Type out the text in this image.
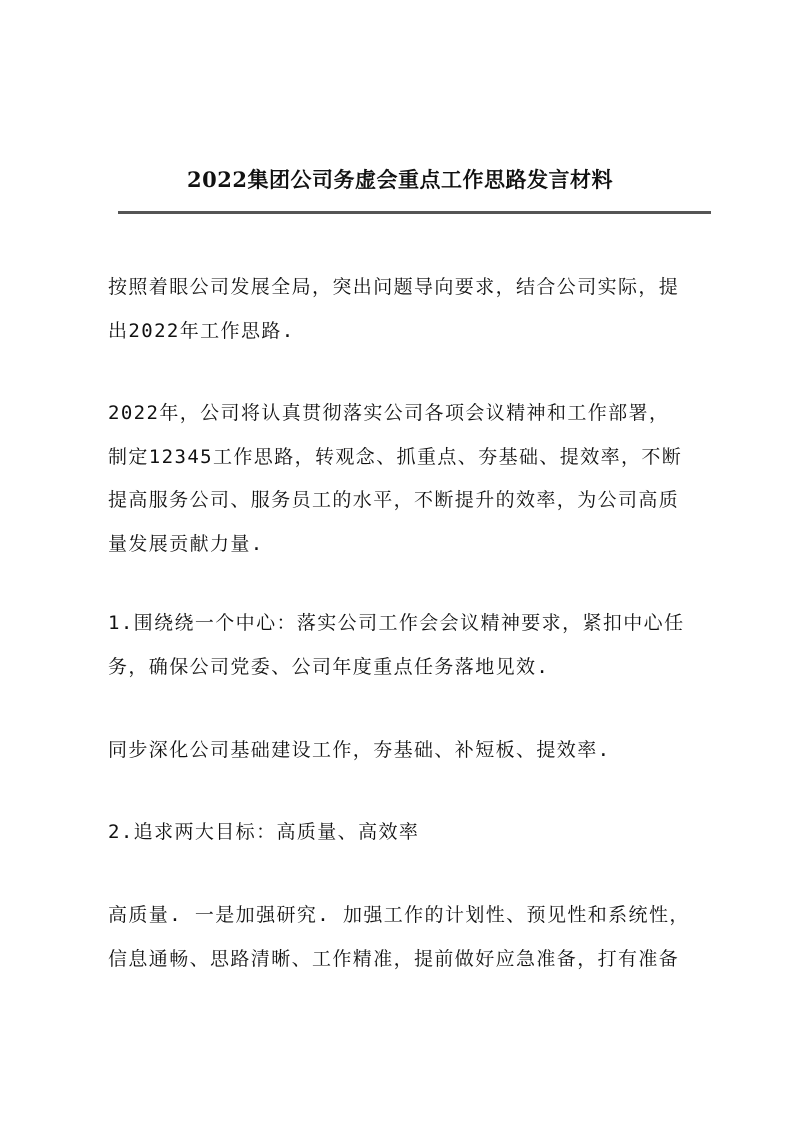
2022集团公司务虚会重点工作思路发言材料
按照着眼公司发展全局，突出问题导向要求，结合公司实际，提
出2022年工作思路.
2022年，公司将认真贯彻落实公司各项会议精神和工作部署，
制定12345工作思路，转观念、抓重点、夯基础、提效率，不断
提高服务公司、服务员工的水平，不断提升的效率，为公司高质
量发展贡献力量.
1.围绕绕一个中心：落实公司工作会会议精神要求，紧扣中心任
务，确保公司党委、公司年度重点任务落地见效.
同步深化公司基础建设工作，夯基础、补短板、提效率.
2.追求两大目标：高质量、高效率
高质量. 一是加强研究. 加强工作的计划性、预见性和系统性，
信息通畅、思路清晰、工作精准，提前做好应急准备，打有准备
